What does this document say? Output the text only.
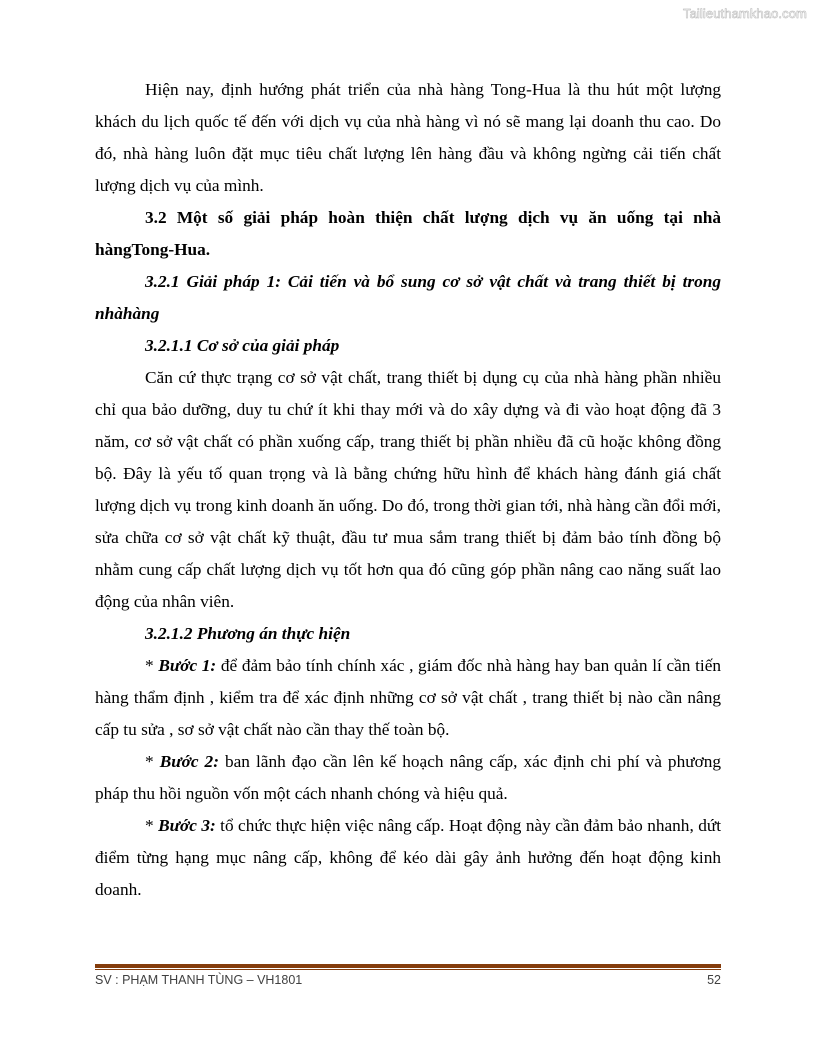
Tailieuthamkhao.com

Hiện nay, định hướng phát triển của nhà hàng Tong-Hua là thu hút một lượng khách du lịch quốc tế đến với dịch vụ của nhà hàng vì nó sẽ mang lại doanh thu cao. Do đó, nhà hàng luôn đặt mục tiêu chất lượng lên hàng đầu và không ngừng cải tiến chất lượng dịch vụ của mình.

3.2 Một số giải pháp hoàn thiện chất lượng dịch vụ ăn uống tại nhà hàngTong-Hua.

3.2.1 Giải pháp 1: Cải tiến và bổ sung cơ sở vật chất và trang thiết bị trong nhàhàng

3.2.1.1 Cơ sở của giải pháp

Căn cứ thực trạng cơ sở vật chất, trang thiết bị dụng cụ của nhà hàng phần nhiều chỉ qua bảo dưỡng, duy tu chứ ít khi thay mới và do xây dựng và đi vào hoạt động đã 3 năm, cơ sở vật chất có phần xuống cấp, trang thiết bị phần nhiều đã cũ hoặc không đồng bộ. Đây là yếu tố quan trọng và là bằng chứng hữu hình để khách hàng đánh giá chất lượng dịch vụ trong kinh doanh ăn uống. Do đó, trong thời gian tới, nhà hàng cần đổi mới, sửa chữa cơ sở vật chất kỹ thuật, đầu tư mua sắm trang thiết bị đảm bảo tính đồng bộ nhằm cung cấp chất lượng dịch vụ tốt hơn qua đó cũng góp phần nâng cao năng suất lao động của nhân viên.

3.2.1.2 Phương án thực hiện

* Bước 1: để đảm bảo tính chính xác , giám đốc nhà hàng hay ban quản lí cần tiến hàng thẩm định , kiểm tra để xác định những cơ sở vật chất , trang thiết bị nào cần nâng cấp tu sửa , sơ sở vật chất nào cần thay thế toàn bộ.

* Bước 2: ban lãnh đạo cần lên kế hoạch nâng cấp, xác định chi phí và phương pháp thu hồi nguồn vốn một cách nhanh chóng và hiệu quả.

* Bước 3: tổ chức thực hiện việc nâng cấp. Hoạt động này cần đảm bảo nhanh, dứt điểm từng hạng mục nâng cấp, không để kéo dài gây ảnh hưởng đến hoạt động kinh doanh.

SV : PHẠM THANH TÙNG – VH1801	52
